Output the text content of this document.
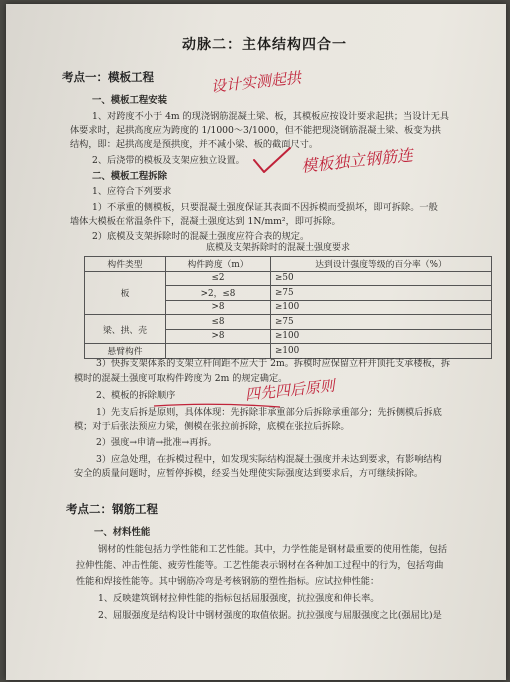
动脉二：主体结构四合一
考点一：模板工程	设计实测起拱
一、模板工程安装
1、对跨度不小于 4m 的现浇钢筋混凝土梁、板，其模板应按设计要求起拱；当设计无具
体要求时，起拱高度应为跨度的 1/1000～3/1000，但不能把现浇钢筋混凝土梁、板变为拱
结构，即：起拱高度是预拱度，并不减小梁、板的截面尺寸。
2、后浇带的模板及支架应独立设置。	模板独立钢筋连
二、模板工程拆除
1、应符合下列要求
1）不承重的侧模板，只要混凝土强度保证其表面不因拆模而受损坏，即可拆除。一般
墙体大模板在常温条件下，混凝土强度达到 1N/mm²，即可拆除。
2）底模及支架拆除时的混凝土强度应符合表的规定。
底模及支架拆除时的混凝土强度要求
构件类型	构件跨度（m）	达到设计强度等级的百分率（%）
板	≤2	≥50
	>2，≤8	≥75
	>8	≥100
梁、拱、壳	≤8	≥75
	>8	≥100
悬臂构件		≥100
3）快拆支架体系的支架立杆间距不应大于 2m。拆模时应保留立杆并顶托支承楼板，拆
模时的混凝土强度可取构件跨度为 2m 的规定确定。
2、模板的拆除顺序	四先四后原则
1）先支后拆是原则，具体体现：先拆除非承重部分后拆除承重部分；先拆侧模后拆底
模；对于后张法预应力梁，侧模在张拉前拆除，底模在张拉后拆除。
2）强度→申请→批准→再拆。
3）应急处理，在拆模过程中，如发现实际结构混凝土强度并未达到要求，有影响结构
安全的质量问题时，应暂停拆模，经妥当处理使实际强度达到要求后，方可继续拆除。
考点二：钢筋工程
一、材料性能
钢材的性能包括力学性能和工艺性能。其中，力学性能是钢材最重要的使用性能，包括
拉伸性能、冲击性能、疲劳性能等。工艺性能表示钢材在各种加工过程中的行为，包括弯曲
性能和焊接性能等。其中钢筋冷弯是考核钢筋的塑性指标。应试拉伸性能：
1、反映建筑钢材拉伸性能的指标包括屈服强度，抗拉强度和伸长率。
2、屈服强度是结构设计中钢材强度的取值依据。抗拉强度与屈服强度之比(强屈比)是
